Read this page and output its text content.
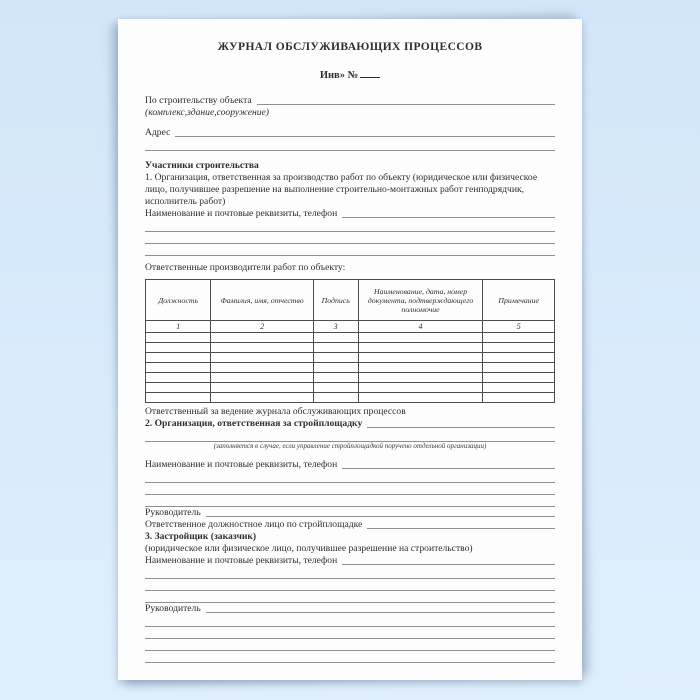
ЖУРНАЛ ОБСЛУЖИВАЮЩИХ ПРОЦЕССОВ
Инв» №
По строительству объекта
(комплекс,здание,сооружение)
Адрес
Участники строительства
1. Организация, ответственная за производство работ по объекту (юридическое или физическое лицо, получившее разрешение на выполнение строительно-монтажных работ генподрядчик, исполнитель работ)
Наименование и почтовые реквизиты, телефон
Ответственные производители работ по объекту:
Должность	Фамилия, имя, отчество	Подпись	Наименование, дата, номер документа, подтверждающего полномочие	Примечание
1	2	3	4	5

Ответственный за ведение журнала обслуживающих процессов
2. Организация, ответственная за стройплощадку
(заполняется в случае, если управление стройплощадкой поручено отдельной организации)
Наименование и почтовые реквизиты, телефон
Руководитель
Ответственное должностное лицо по стройплощадке
3. Застройщик (заказчик)
(юридическое или физическое лицо, получившее разрешение на строительство)
Наименование и почтовые реквизиты, телефон
Руководитель
